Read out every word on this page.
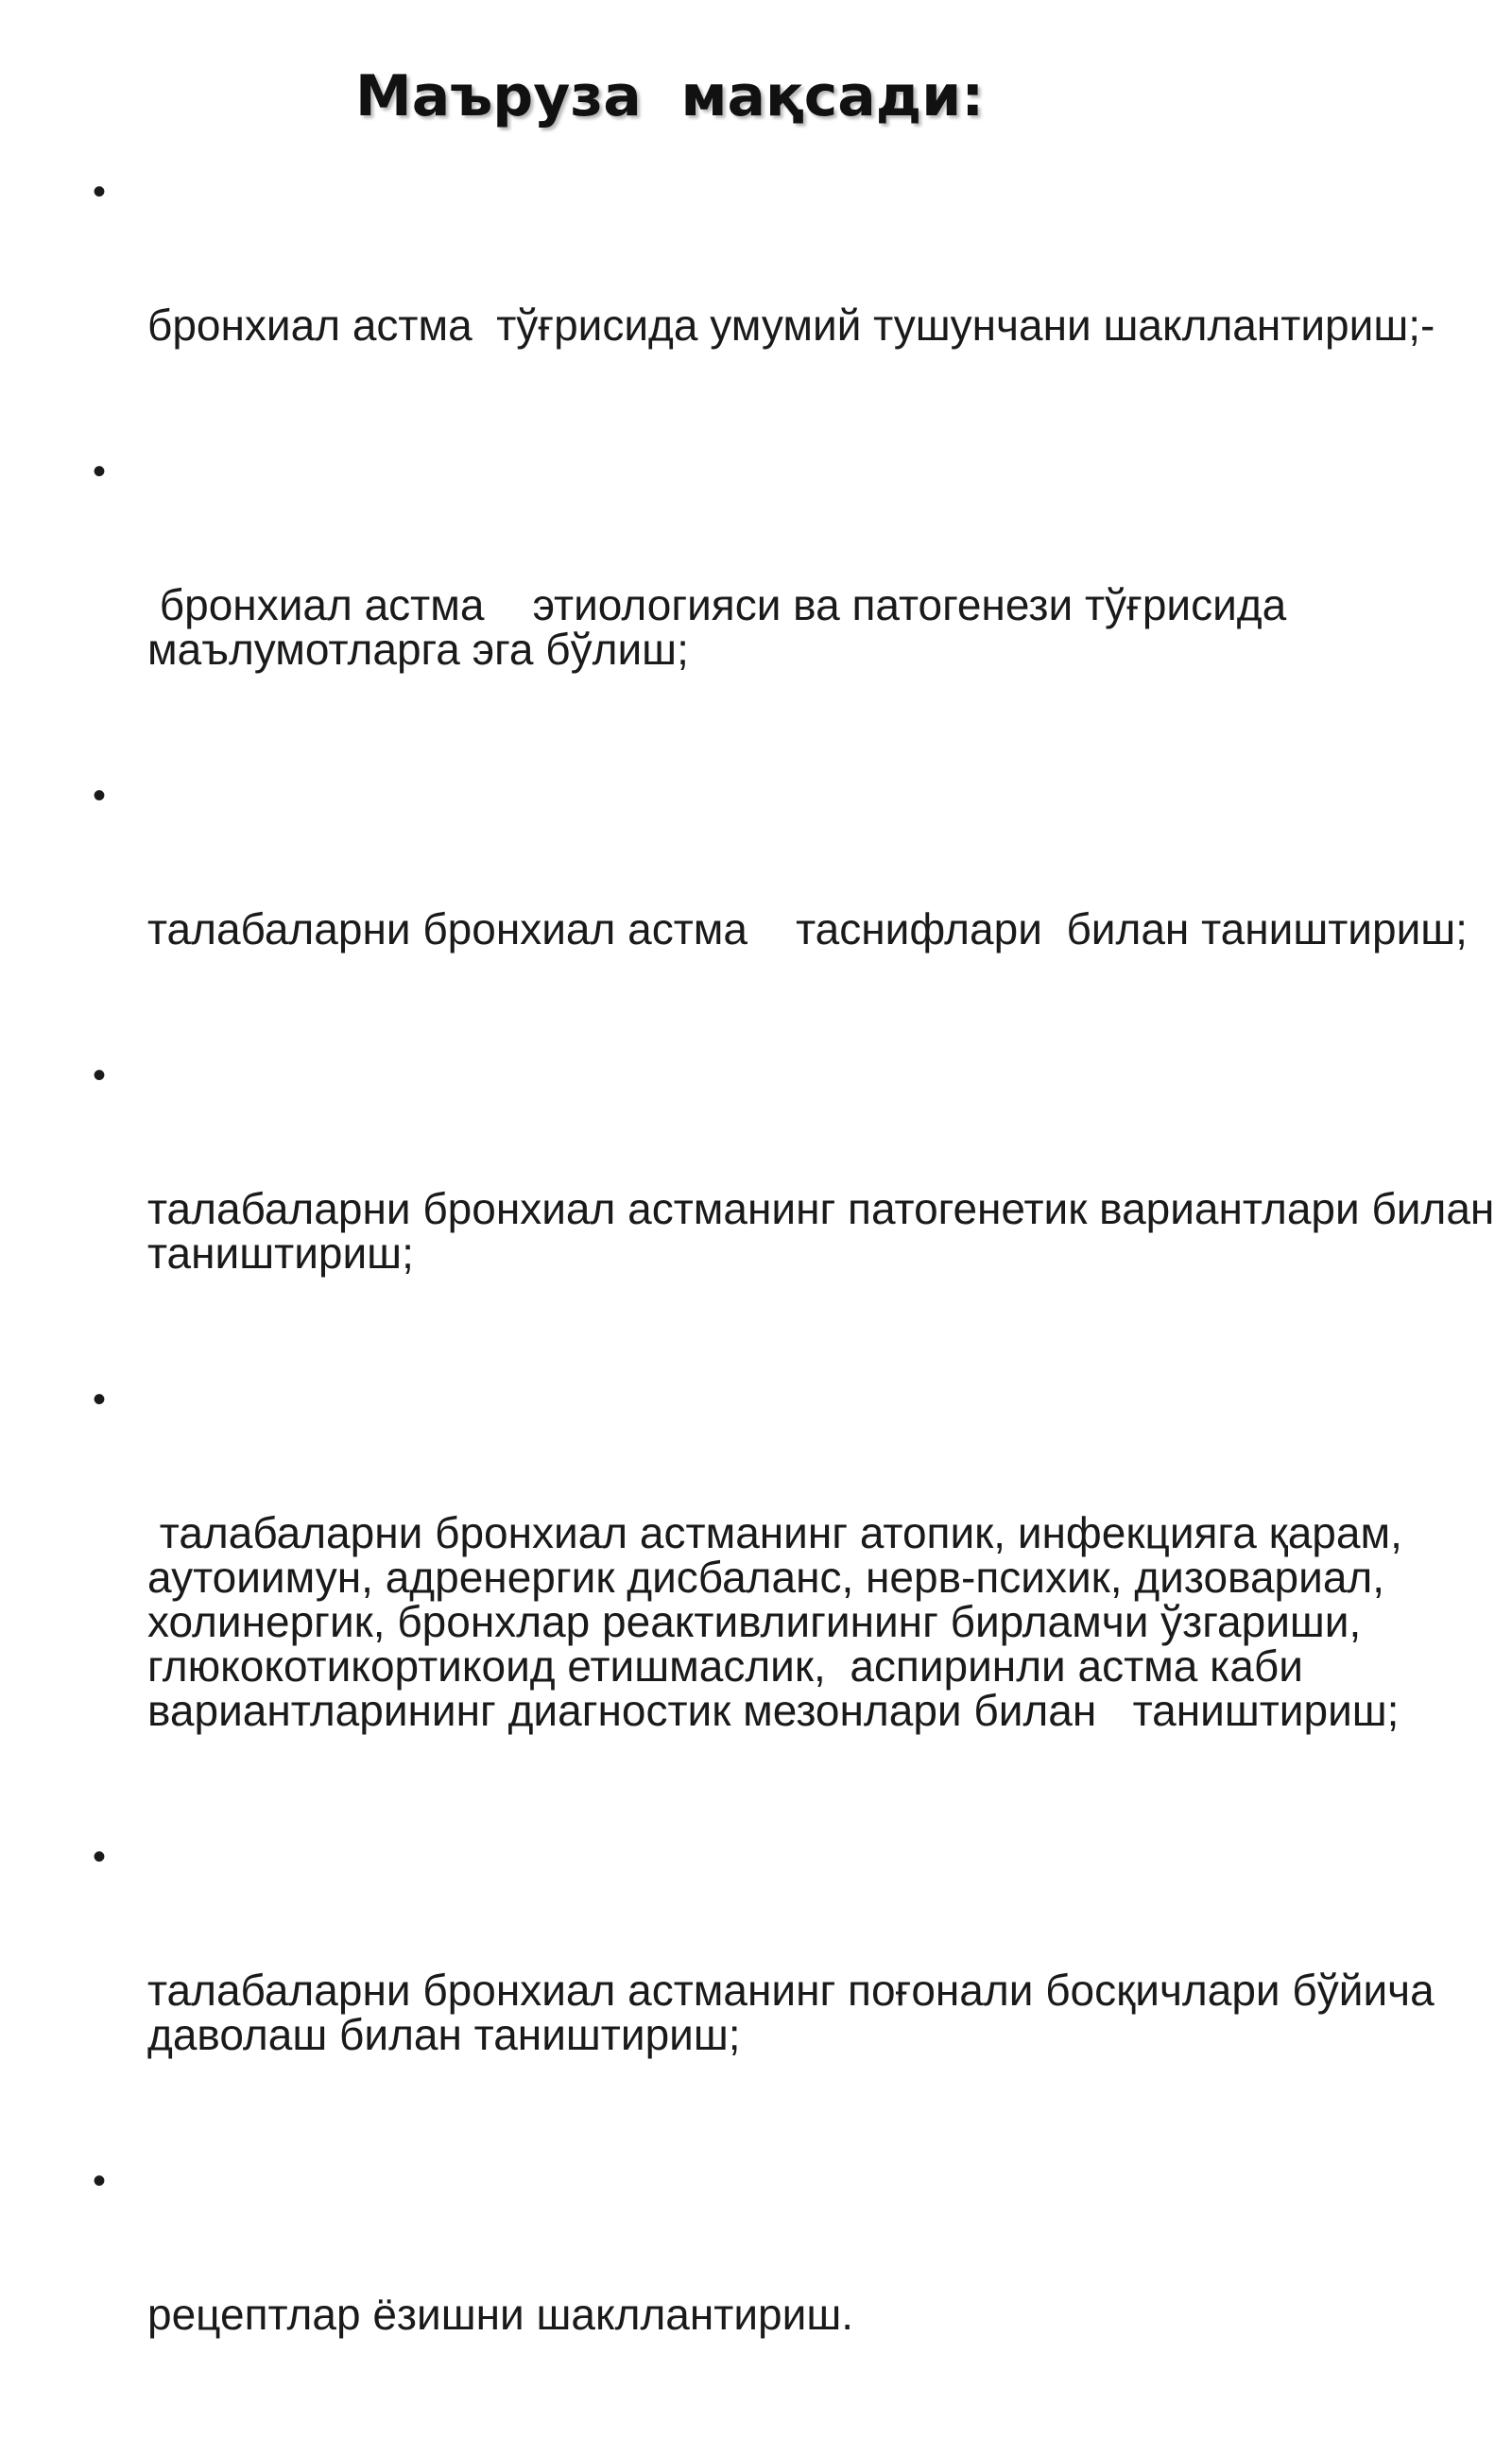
Маъруза  мақсади:

•

бронхиал астма  тўғрисида умумий тушунчани шакллантириш;-

•

бронхиал астма    этиологияси ва патогенези тўғрисида маълумотларга эга бўлиш;

•

талабаларни бронхиал астма    таснифлари  билан таништириш;

•

талабаларни бронхиал астманинг патогенетик вариантлари билан таништириш;

•

талабаларни бронхиал астманинг атопик, инфекцияга қарам, аутоиимун, адренергик дисбаланс, нерв-психик, дизовариал, холинергик, бронхлар реактивлигининг бирламчи ўзгариши, глюкокотикортикоид етишмаслик,  аспиринли астма каби вариантларининг диагностик мезонлари билан   таништириш;

•

талабаларни бронхиал астманинг поғонали босқичлари бўйича даволаш билан таништириш;

•

рецептлар ёзишни шакллантириш.
